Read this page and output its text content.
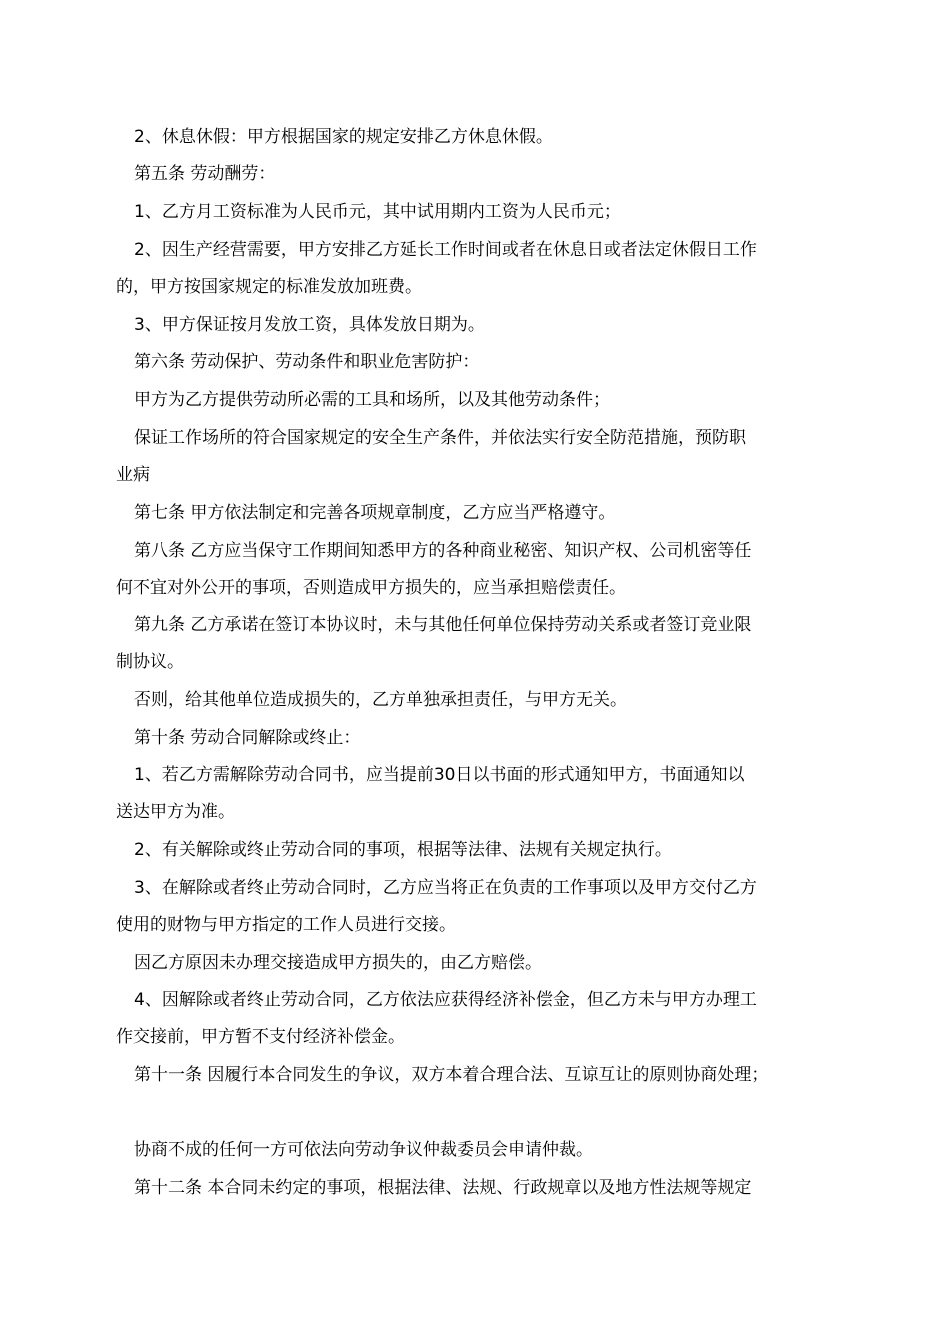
2、休息休假：甲方根据国家的规定安排乙方休息休假。
第五条 劳动酬劳：
1、乙方月工资标准为人民币元，其中试用期内工资为人民币元；
2、因生产经营需要，甲方安排乙方延长工作时间或者在休息日或者法定休假日工作
的，甲方按国家规定的标准发放加班费。
3、甲方保证按月发放工资，具体发放日期为。
第六条 劳动保护、劳动条件和职业危害防护：
甲方为乙方提供劳动所必需的工具和场所，以及其他劳动条件；
保证工作场所的符合国家规定的安全生产条件，并依法实行安全防范措施，预防职
业病
第七条 甲方依法制定和完善各项规章制度，乙方应当严格遵守。
第八条 乙方应当保守工作期间知悉甲方的各种商业秘密、知识产权、公司机密等任
何不宜对外公开的事项，否则造成甲方损失的，应当承担赔偿责任。
第九条 乙方承诺在签订本协议时，未与其他任何单位保持劳动关系或者签订竞业限
制协议。
否则，给其他单位造成损失的，乙方单独承担责任，与甲方无关。
第十条 劳动合同解除或终止：
1、若乙方需解除劳动合同书，应当提前30日以书面的形式通知甲方，书面通知以
送达甲方为准。
2、有关解除或终止劳动合同的事项，根据等法律、法规有关规定执行。
3、在解除或者终止劳动合同时，乙方应当将正在负责的工作事项以及甲方交付乙方
使用的财物与甲方指定的工作人员进行交接。
因乙方原因未办理交接造成甲方损失的，由乙方赔偿。
4、因解除或者终止劳动合同，乙方依法应获得经济补偿金，但乙方未与甲方办理工
作交接前，甲方暂不支付经济补偿金。
第十一条 因履行本合同发生的争议，双方本着合理合法、互谅互让的原则协商处理；
协商不成的任何一方可依法向劳动争议仲裁委员会申请仲裁。
第十二条 本合同未约定的事项，根据法律、法规、行政规章以及地方性法规等规定
